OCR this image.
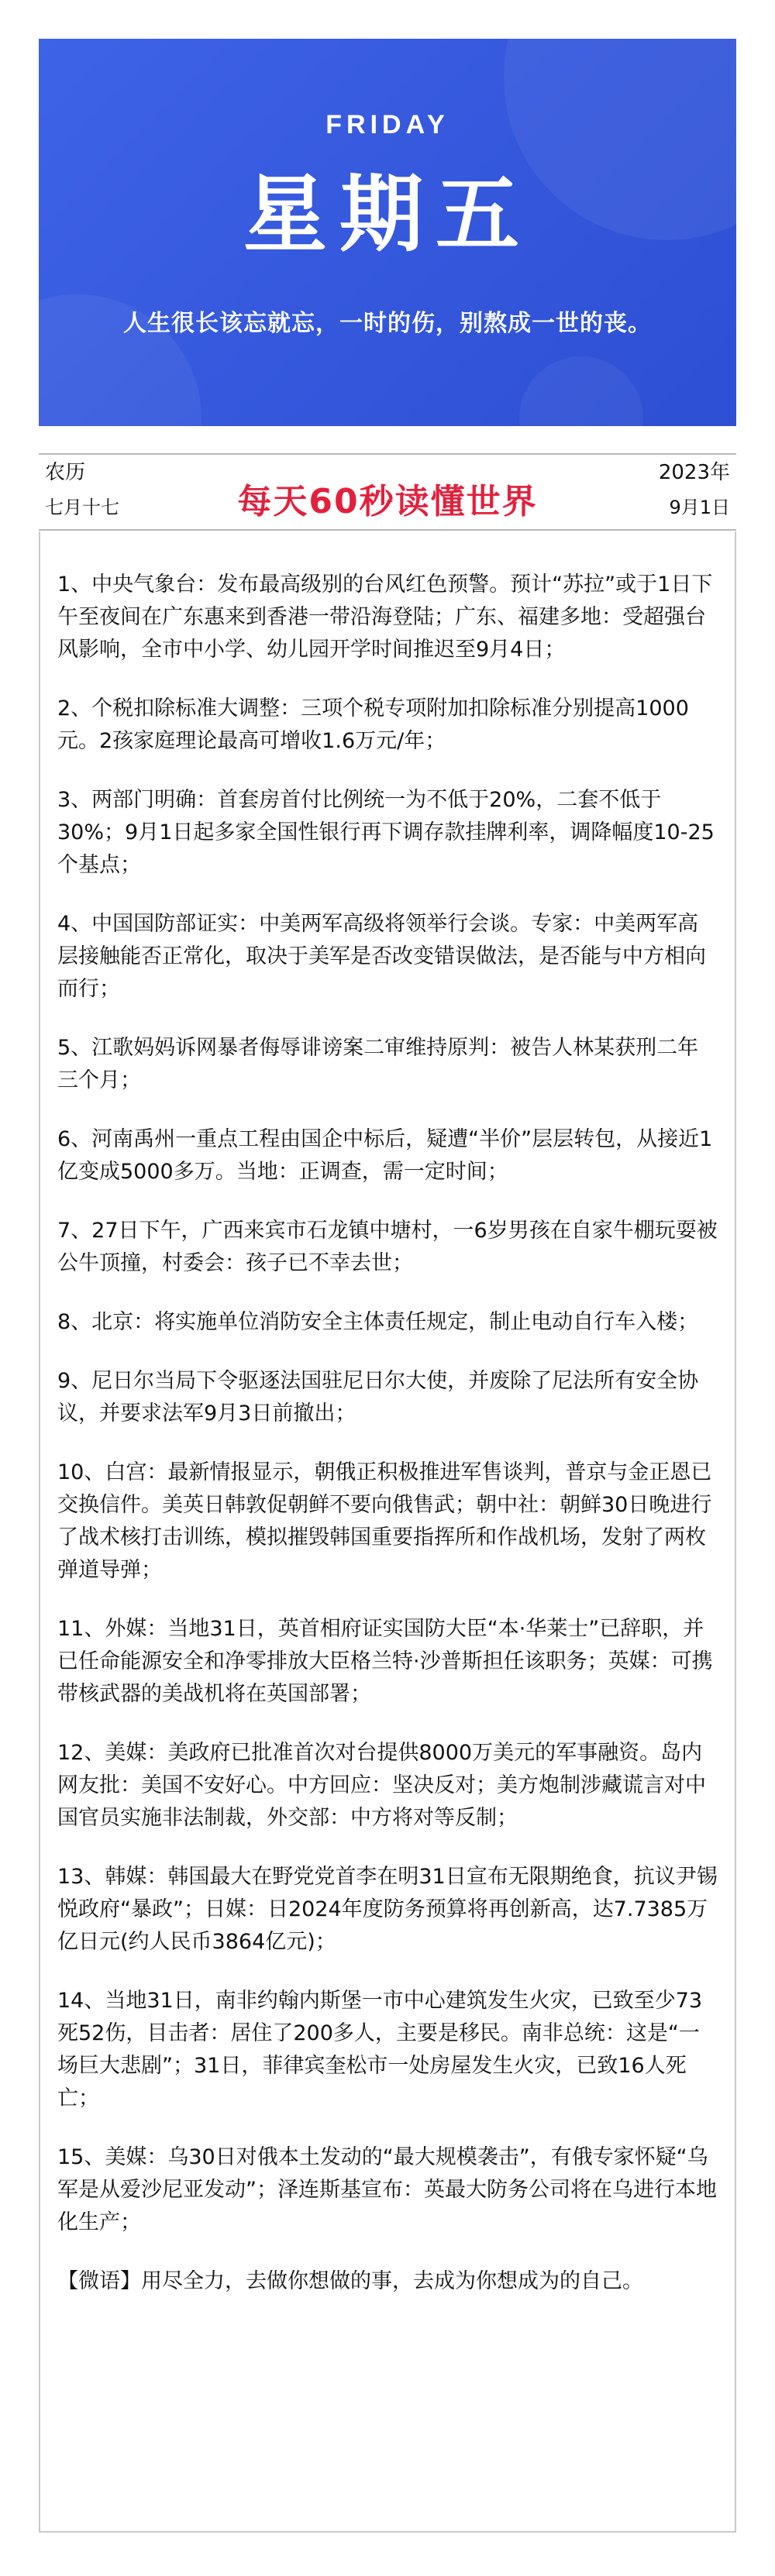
FRIDAY
星期五
人生很长该忘就忘，一时的伤，别熬成一世的丧。
农历
七月十七	每天60秒读懂世界
2023年
9月1日
1、中央气象台：发布最高级别的台风红色预警。预计“苏拉”或于1日下午至夜间在广东惠来到香港一带沿海登陆；广东、福建多地：受超强台风影响，全市中小学、幼儿园开学时间推迟至9月4日；
2、个税扣除标准大调整：三项个税专项附加扣除标准分别提高1000元。2孩家庭理论最高可增收1.6万元/年；
3、两部门明确：首套房首付比例统一为不低于20%，二套不低于30%；9月1日起多家全国性银行再下调存款挂牌利率，调降幅度10-25个基点；
4、中国国防部证实：中美两军高级将领举行会谈。专家：中美两军高层接触能否正常化，取决于美军是否改变错误做法，是否能与中方相向而行；
5、江歌妈妈诉网暴者侮辱诽谤案二审维持原判：被告人林某获刑二年三个月；
6、河南禹州一重点工程由国企中标后，疑遭“半价”层层转包，从接近1亿变成5000多万。当地：正调查，需一定时间；
7、27日下午，广西来宾市石龙镇中塘村，一6岁男孩在自家牛棚玩耍被公牛顶撞，村委会：孩子已不幸去世；
8、北京：将实施单位消防安全主体责任规定，制止电动自行车入楼；
9、尼日尔当局下令驱逐法国驻尼日尔大使，并废除了尼法所有安全协议，并要求法军9月3日前撤出；
10、白宫：最新情报显示，朝俄正积极推进军售谈判，普京与金正恩已交换信件。美英日韩敦促朝鲜不要向俄售武；朝中社：朝鲜30日晚进行了战术核打击训练，模拟摧毁韩国重要指挥所和作战机场，发射了两枚弹道导弹；
11、外媒：当地31日，英首相府证实国防大臣“本·华莱士”已辞职，并已任命能源安全和净零排放大臣格兰特·沙普斯担任该职务；英媒：可携带核武器的美战机将在英国部署；
12、美媒：美政府已批准首次对台提供8000万美元的军事融资。岛内网友批：美国不安好心。中方回应：坚决反对；美方炮制涉藏谎言对中国官员实施非法制裁，外交部：中方将对等反制；
13、韩媒：韩国最大在野党党首李在明31日宣布无限期绝食，抗议尹锡悦政府“暴政”；日媒：日2024年度防务预算将再创新高，达7.7385万亿日元(约人民币3864亿元)；
14、当地31日，南非约翰内斯堡一市中心建筑发生火灾，已致至少73死52伤，目击者：居住了200多人，主要是移民。南非总统：这是“一场巨大悲剧”；31日，菲律宾奎松市一处房屋发生火灾，已致16人死亡；
15、美媒：乌30日对俄本土发动的“最大规模袭击”，有俄专家怀疑“乌军是从爱沙尼亚发动”；泽连斯基宣布：英最大防务公司将在乌进行本地化生产；
【微语】用尽全力，去做你想做的事，去成为你想成为的自己。
